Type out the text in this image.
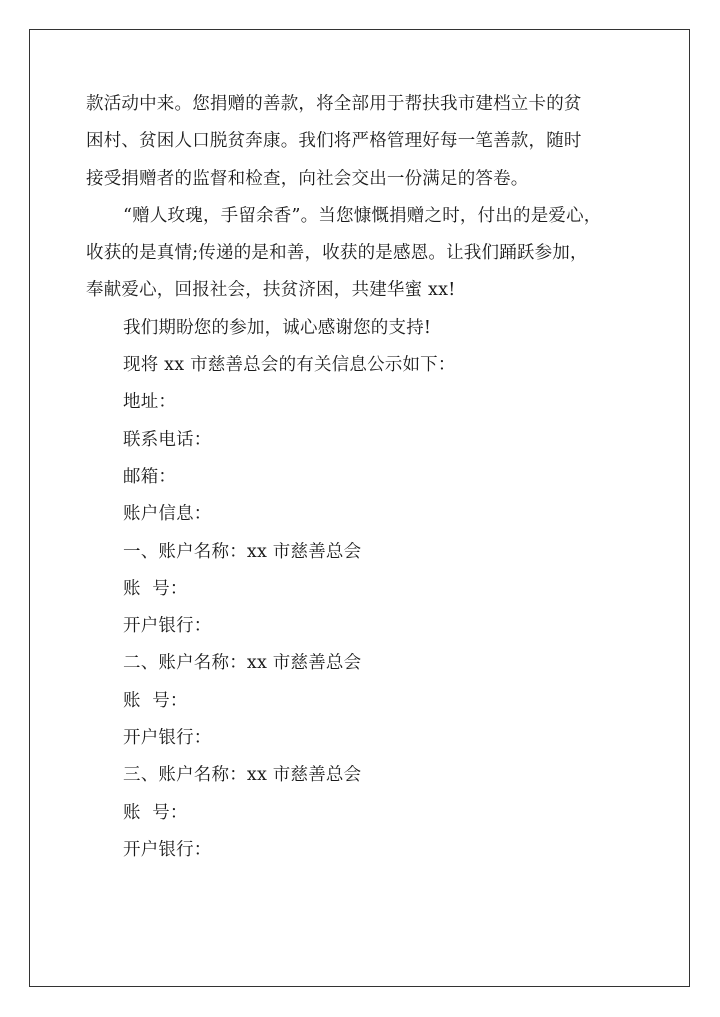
款活动中来。您捐赠的善款，将全部用于帮扶我市建档立卡的贫
困村、贫困人口脱贫奔康。我们将严格管理好每一笔善款，随时
接受捐赠者的监督和检查，向社会交出一份满足的答卷。
“赠人玫瑰，手留余香”。当您慷慨捐赠之时，付出的是爱心，
收获的是真情;传递的是和善，收获的是感恩。让我们踊跃参加，
奉献爱心，回报社会，扶贫济困，共建华蜜 xx!
我们期盼您的参加，诚心感谢您的支持!
现将 xx 市慈善总会的有关信息公示如下：
地址：
联系电话：
邮箱：
账户信息：
一、账户名称：xx 市慈善总会
账  号：
开户银行：
二、账户名称：xx 市慈善总会
账  号：
开户银行：
三、账户名称：xx 市慈善总会
账  号：
开户银行：
